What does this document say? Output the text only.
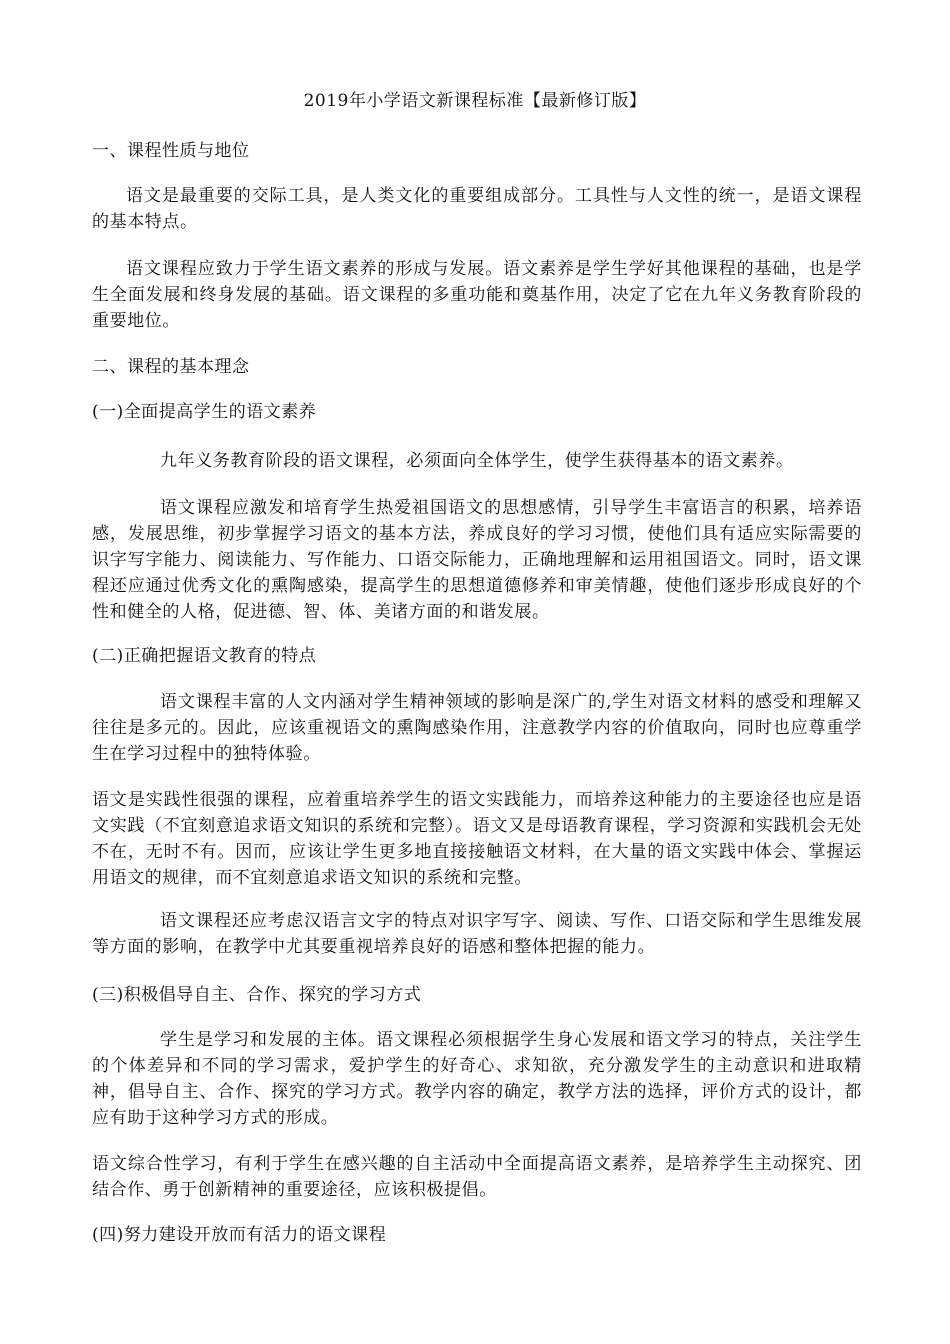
2019年小学语文新课程标准【最新修订版】
一、课程性质与地位
语文是最重要的交际工具，是人类文化的重要组成部分。工具性与人文性的统一，是语文课程的基本特点。
语文课程应致力于学生语文素养的形成与发展。语文素养是学生学好其他课程的基础，也是学生全面发展和终身发展的基础。语文课程的多重功能和奠基作用，决定了它在九年义务教育阶段的重要地位。
二、课程的基本理念
(一)全面提高学生的语文素养
九年义务教育阶段的语文课程，必须面向全体学生，使学生获得基本的语文素养。
语文课程应激发和培育学生热爱祖国语文的思想感情，引导学生丰富语言的积累，培养语感，发展思维，初步掌握学习语文的基本方法，养成良好的学习习惯，使他们具有适应实际需要的识字写字能力、阅读能力、写作能力、口语交际能力，正确地理解和运用祖国语文。同时，语文课程还应通过优秀文化的熏陶感染，提高学生的思想道德修养和审美情趣，使他们逐步形成良好的个性和健全的人格，促进德、智、体、美诸方面的和谐发展。
(二)正确把握语文教育的特点
语文课程丰富的人文内涵对学生精神领域的影响是深广的,学生对语文材料的感受和理解又往往是多元的。因此，应该重视语文的熏陶感染作用，注意教学内容的价值取向，同时也应尊重学生在学习过程中的独特体验。
语文是实践性很强的课程，应着重培养学生的语文实践能力，而培养这种能力的主要途径也应是语文实践（不宜刻意追求语文知识的系统和完整）。语文又是母语教育课程，学习资源和实践机会无处不在，无时不有。因而，应该让学生更多地直接接触语文材料，在大量的语文实践中体会、掌握运用语文的规律，而不宜刻意追求语文知识的系统和完整。
语文课程还应考虑汉语言文字的特点对识字写字、阅读、写作、口语交际和学生思维发展等方面的影响，在教学中尤其要重视培养良好的语感和整体把握的能力。
(三)积极倡导自主、合作、探究的学习方式
学生是学习和发展的主体。语文课程必须根据学生身心发展和语文学习的特点，关注学生的个体差异和不同的学习需求，爱护学生的好奇心、求知欲，充分激发学生的主动意识和进取精神，倡导自主、合作、探究的学习方式。教学内容的确定，教学方法的选择，评价方式的设计，都应有助于这种学习方式的形成。
语文综合性学习，有利于学生在感兴趣的自主活动中全面提高语文素养，是培养学生主动探究、团结合作、勇于创新精神的重要途径，应该积极提倡。
(四)努力建设开放而有活力的语文课程
